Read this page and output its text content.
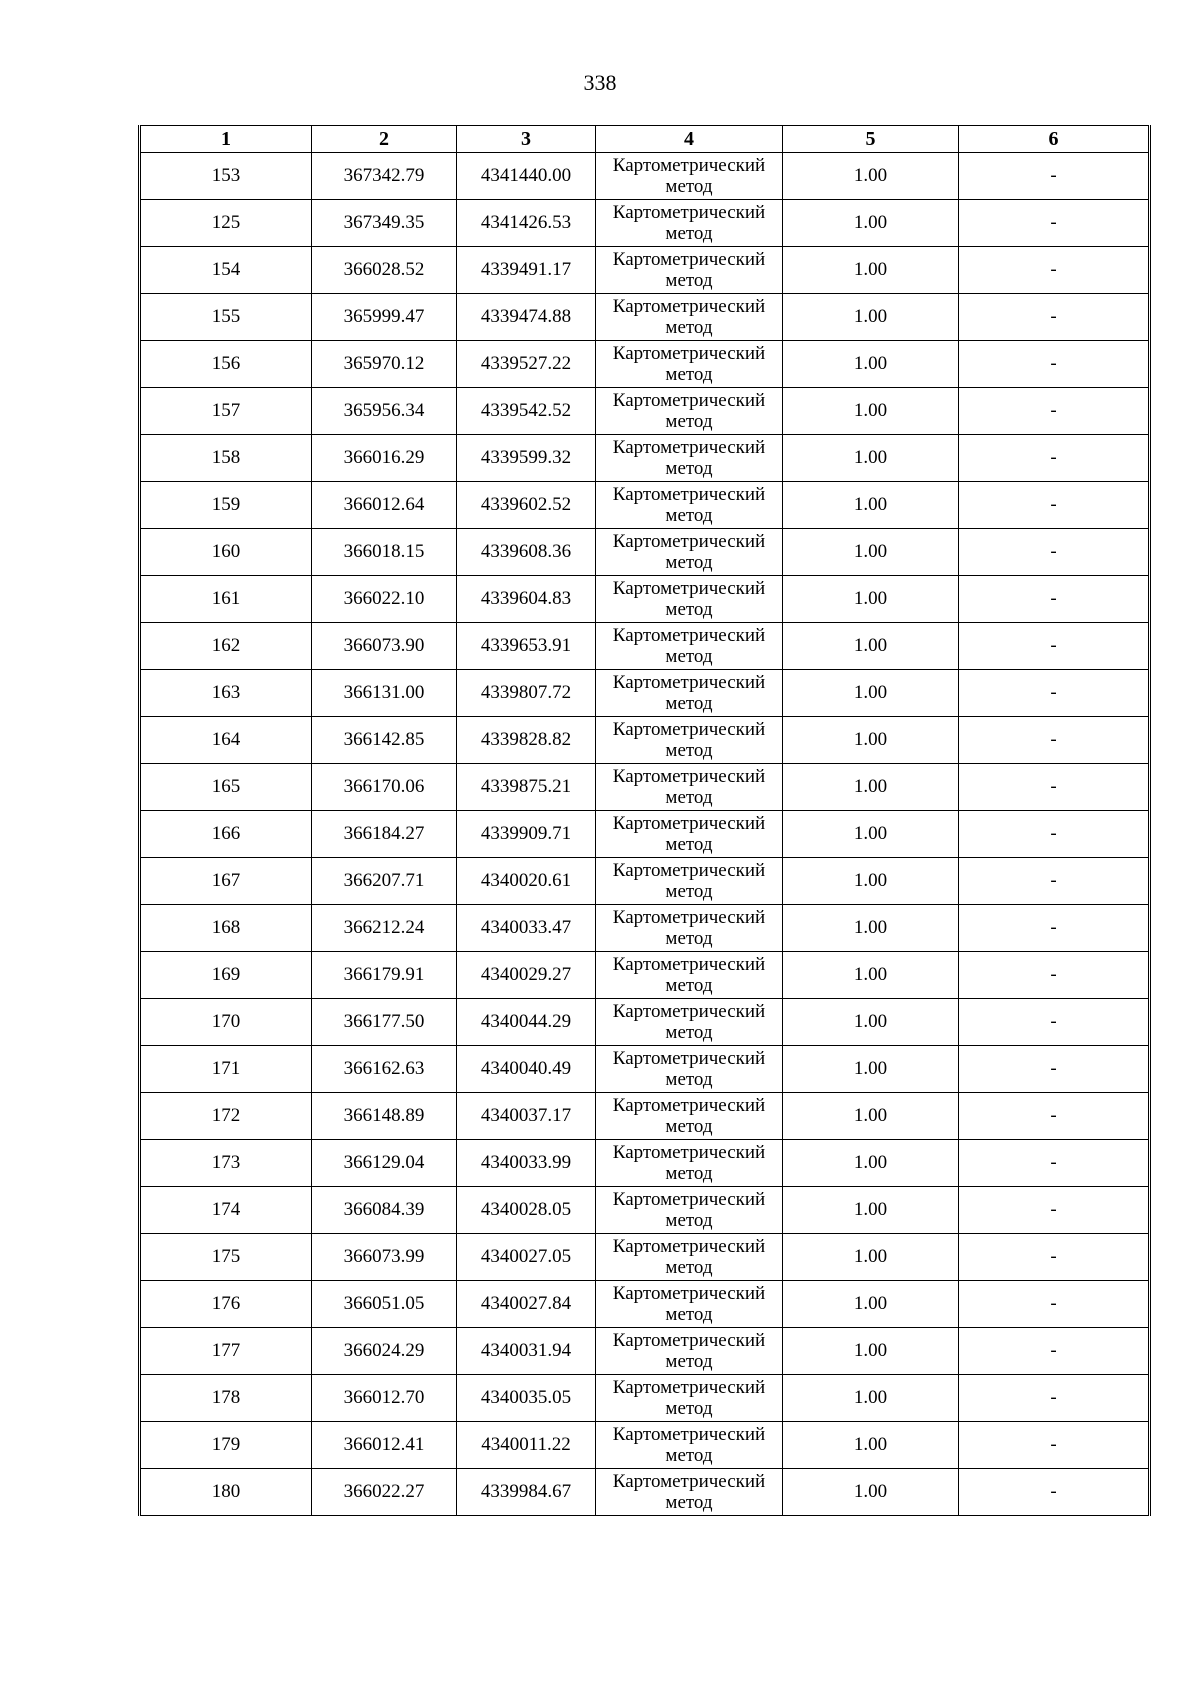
338
1	2	3	4	5	6
153	367342.79	4341440.00	Картометрический метод	1.00	-
125	367349.35	4341426.53	Картометрический метод	1.00	-
154	366028.52	4339491.17	Картометрический метод	1.00	-
155	365999.47	4339474.88	Картометрический метод	1.00	-
156	365970.12	4339527.22	Картометрический метод	1.00	-
157	365956.34	4339542.52	Картометрический метод	1.00	-
158	366016.29	4339599.32	Картометрический метод	1.00	-
159	366012.64	4339602.52	Картометрический метод	1.00	-
160	366018.15	4339608.36	Картометрический метод	1.00	-
161	366022.10	4339604.83	Картометрический метод	1.00	-
162	366073.90	4339653.91	Картометрический метод	1.00	-
163	366131.00	4339807.72	Картометрический метод	1.00	-
164	366142.85	4339828.82	Картометрический метод	1.00	-
165	366170.06	4339875.21	Картометрический метод	1.00	-
166	366184.27	4339909.71	Картометрический метод	1.00	-
167	366207.71	4340020.61	Картометрический метод	1.00	-
168	366212.24	4340033.47	Картометрический метод	1.00	-
169	366179.91	4340029.27	Картометрический метод	1.00	-
170	366177.50	4340044.29	Картометрический метод	1.00	-
171	366162.63	4340040.49	Картометрический метод	1.00	-
172	366148.89	4340037.17	Картометрический метод	1.00	-
173	366129.04	4340033.99	Картометрический метод	1.00	-
174	366084.39	4340028.05	Картометрический метод	1.00	-
175	366073.99	4340027.05	Картометрический метод	1.00	-
176	366051.05	4340027.84	Картометрический метод	1.00	-
177	366024.29	4340031.94	Картометрический метод	1.00	-
178	366012.70	4340035.05	Картометрический метод	1.00	-
179	366012.41	4340011.22	Картометрический метод	1.00	-
180	366022.27	4339984.67	Картометрический метод	1.00	-
